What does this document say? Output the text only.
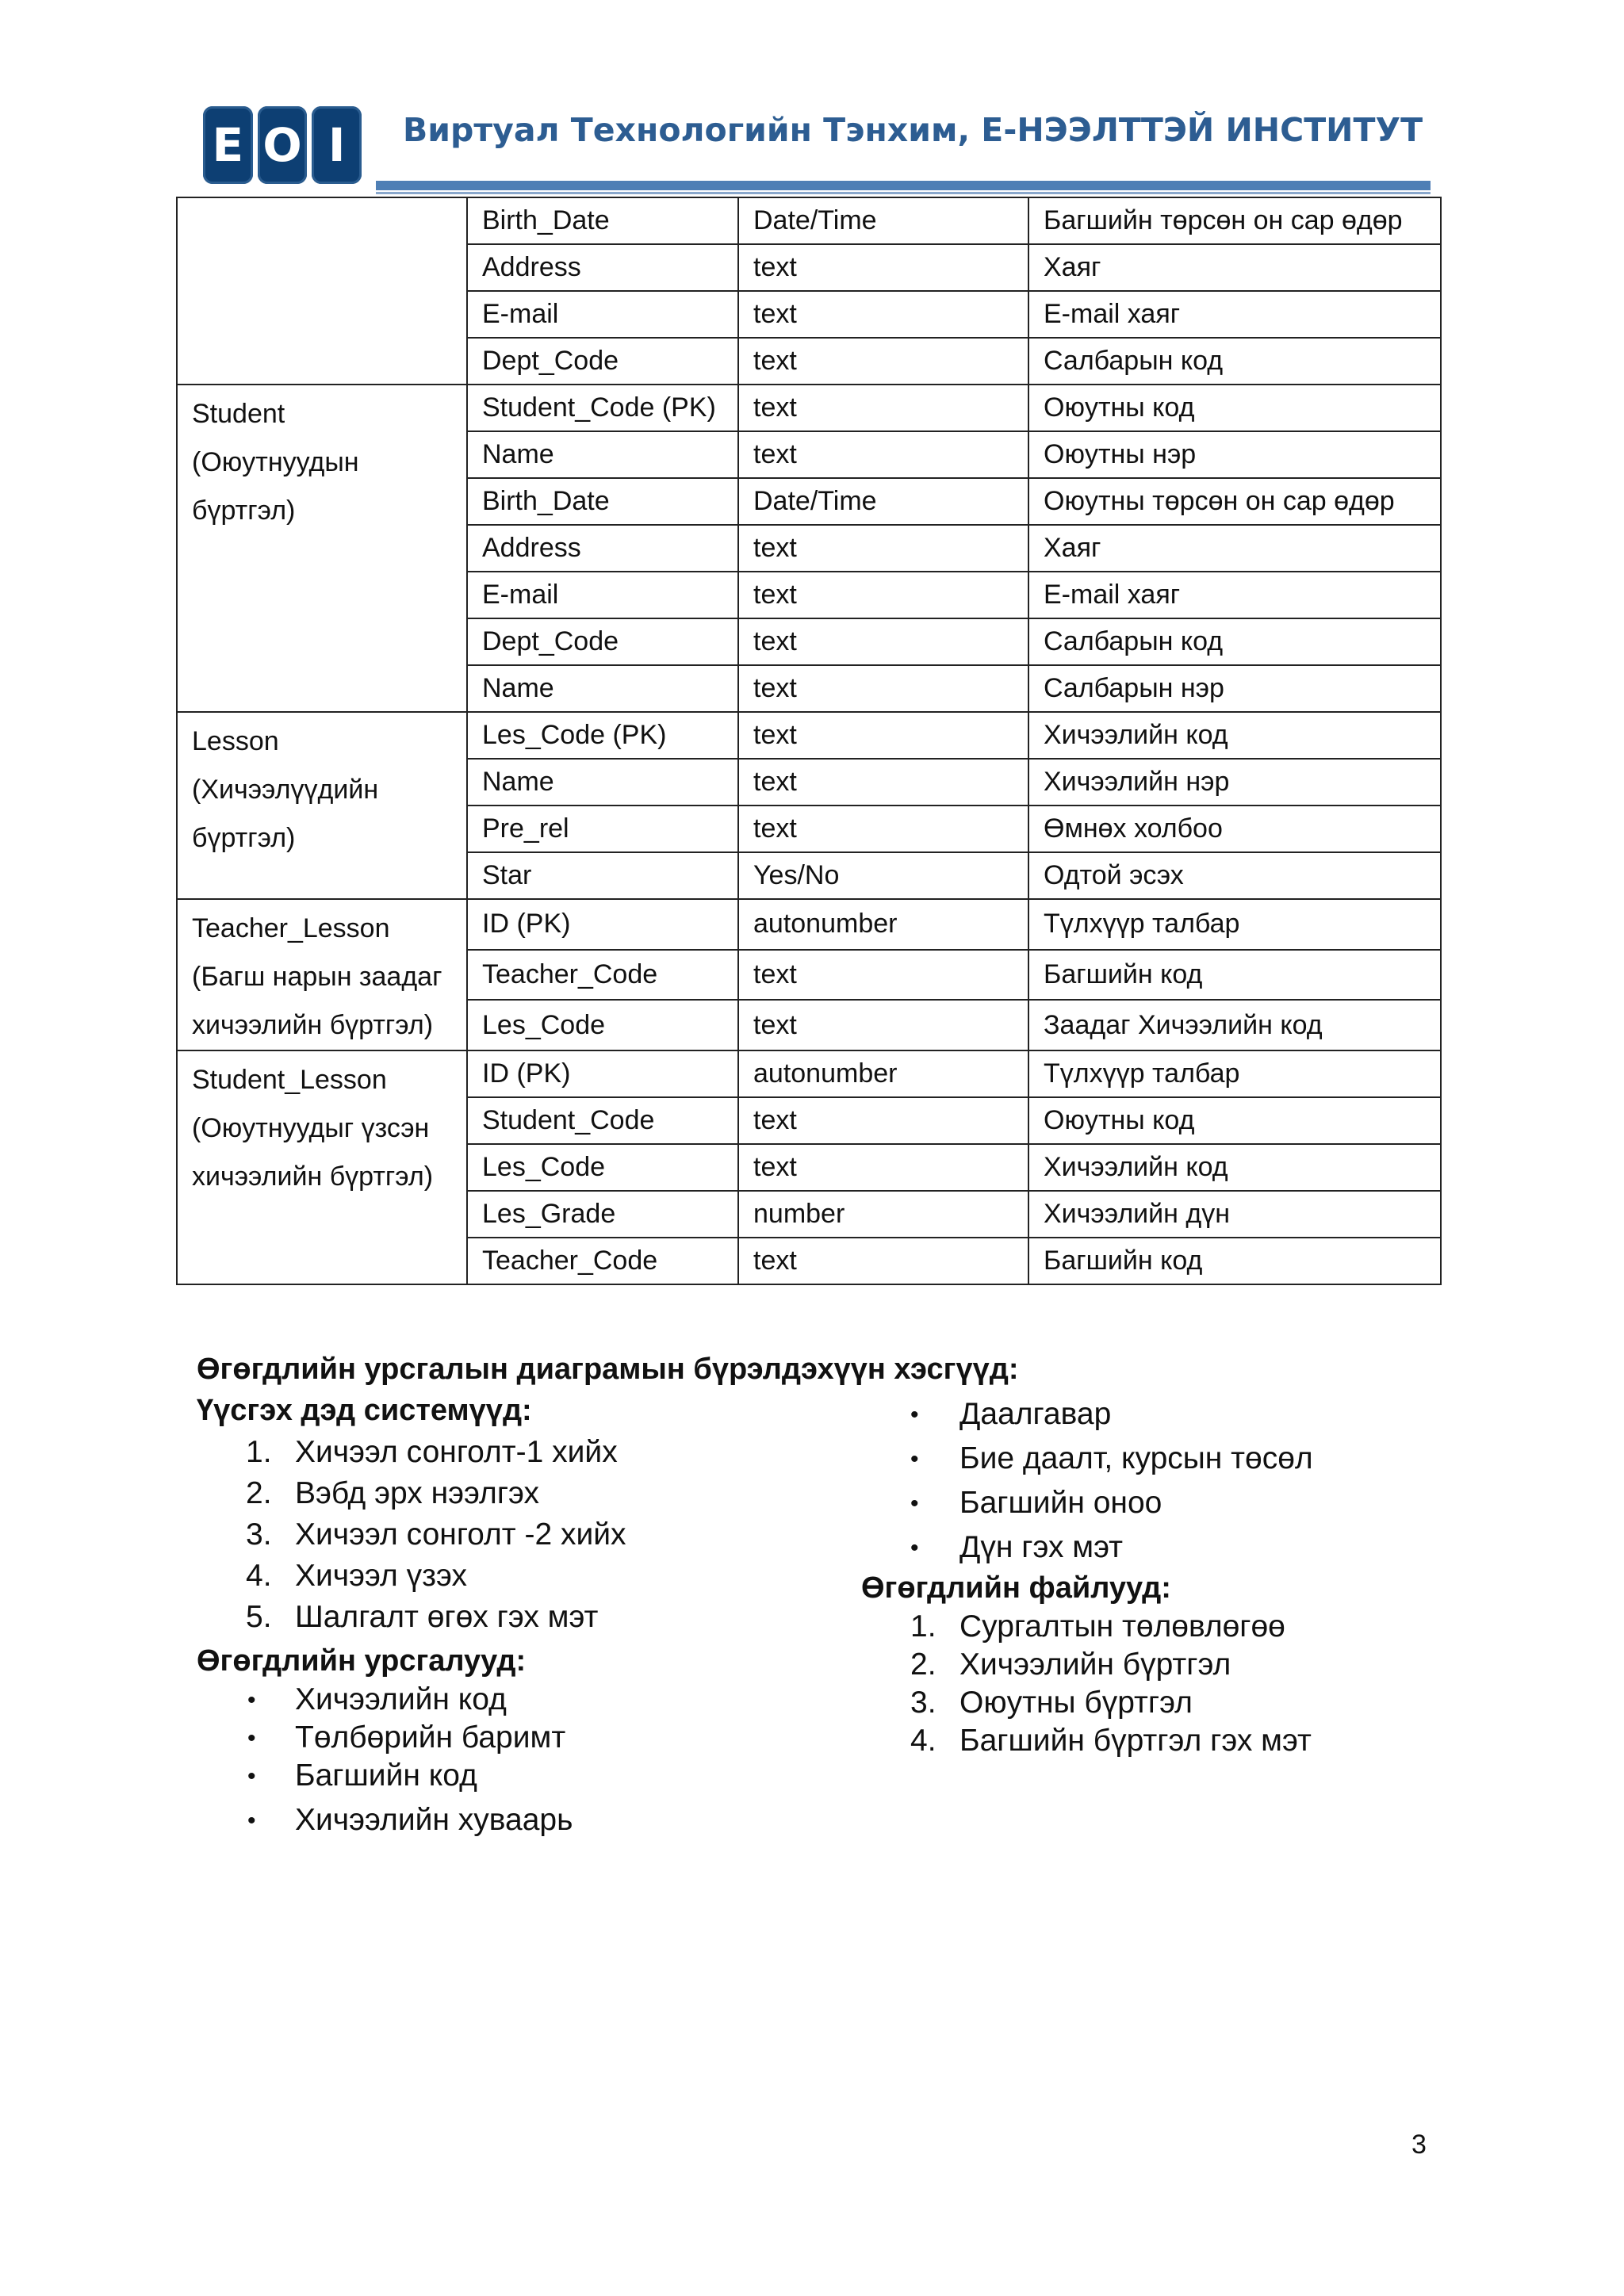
E O I	Виртуал Технологийн Тэнхим, Е-НЭЭЛТТЭЙ ИНСТИТУТ
	Birth_Date	Date/Time	Багшийн төрсөн он сар өдөр
	Address	text	Хаяг
	E-mail	text	E-mail хаяг
	Dept_Code	text	Салбарын код

Student
(Оюутнуудын
бүртгэл)	Student_Code (PK)	text	Оюутны код
	Name	text	Оюутны нэр
	Birth_Date	Date/Time	Оюутны төрсөн он сар өдөр
	Address	text	Хаяг
	E-mail	text	E-mail хаяг
	Dept_Code	text	Салбарын код
	Name	text	Салбарын нэр

Lesson
(Хичээлүүдийн
бүртгэл)	Les_Code (PK)	text	Хичээлийн код
	Name	text	Хичээлийн нэр
	Pre_rel	text	Өмнөх холбоо
	Star	Yes/No	Одтой эсэх

Teacher_Lesson
(Багш нарын заадаг
хичээлийн бүртгэл)	ID (PK)	autonumber	Түлхүүр талбар
	Teacher_Code	text	Багшийн код
	Les_Code	text	Заадаг Хичээлийн код

Student_Lesson
(Оюутнуудыг үзсэн
хичээлийн бүртгэл)	ID (PK)	autonumber	Түлхүүр талбар
	Student_Code	text	Оюутны код
	Les_Code	text	Хичээлийн код
	Les_Grade	number	Хичээлийн дүн
	Teacher_Code	text	Багшийн код
Өгөгдлийн урсгалын диаграмын бүрэлдэхүүн хэсгүүд:
Үүсгэх дэд системүүд:
Өгөгдлийн урсгалууд:
Өгөгдлийн файлууд:
1. Хичээл сонголт-1 хийх
2. Вэбд эрх нээлгэх
3. Хичээл сонголт -2 хийх
4. Хичээл үзэх
5. Шалгалт өгөх гэх мэт
• Хичээлийн код
• Төлбөрийн баримт
• Багшийн код
• Хичээлийн хуваарь
• Даалгавар
• Бие даалт, курсын төсөл
• Багшийн оноо
• Дүн гэх мэт
1. Сургалтын төлөвлөгөө
2. Хичээлийн бүртгэл
3. Оюутны бүртгэл
4. Багшийн бүртгэл гэх мэт
3
